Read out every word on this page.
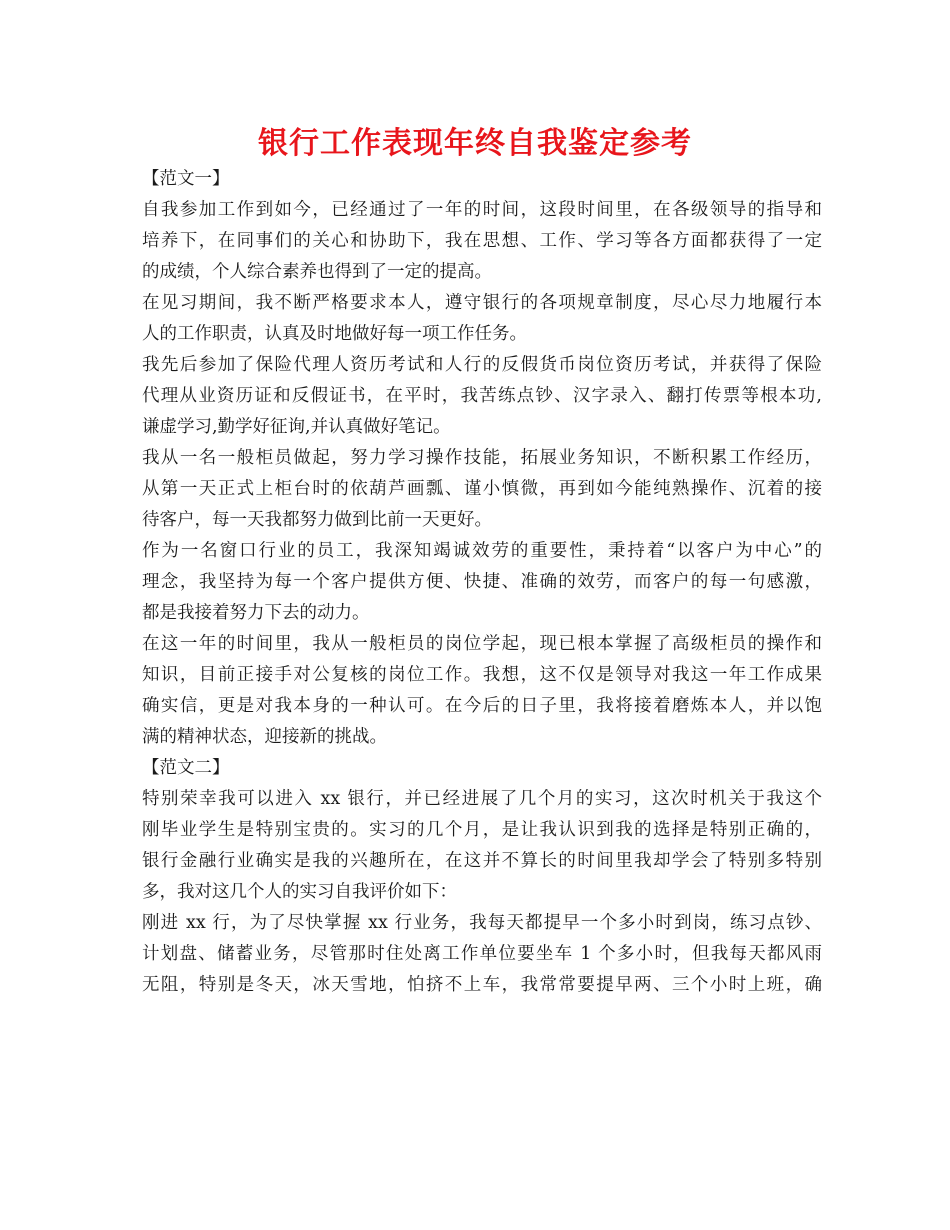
银行工作表现年终自我鉴定参考
【范文一】
自我参加工作到如今，已经通过了一年的时间，这段时间里，在各级领导的指导和
培养下，在同事们的关心和协助下，我在思想、工作、学习等各方面都获得了一定
的成绩，个人综合素养也得到了一定的提高。
在见习期间，我不断严格要求本人，遵守银行的各项规章制度，尽心尽力地履行本
人的工作职责，认真及时地做好每一项工作任务。
我先后参加了保险代理人资历考试和人行的反假货币岗位资历考试，并获得了保险
代理从业资历证和反假证书，在平时，我苦练点钞、汉字录入、翻打传票等根本功,
谦虚学习,勤学好征询,并认真做好笔记。
我从一名一般柜员做起，努力学习操作技能，拓展业务知识，不断积累工作经历，
从第一天正式上柜台时的依葫芦画瓢、谨小慎微，再到如今能纯熟操作、沉着的接
待客户，每一天我都努力做到比前一天更好。
作为一名窗口行业的员工，我深知竭诚效劳的重要性，秉持着“以客户为中心”的
理念，我坚持为每一个客户提供方便、快捷、准确的效劳，而客户的每一句感激，
都是我接着努力下去的动力。
在这一年的时间里，我从一般柜员的岗位学起，现已根本掌握了高级柜员的操作和
知识，目前正接手对公复核的岗位工作。我想，这不仅是领导对我这一年工作成果
确实信，更是对我本身的一种认可。在今后的日子里，我将接着磨炼本人，并以饱
满的精神状态，迎接新的挑战。
【范文二】
特别荣幸我可以进入 xx 银行，并已经进展了几个月的实习，这次时机关于我这个
刚毕业学生是特别宝贵的。实习的几个月，是让我认识到我的选择是特别正确的，
银行金融行业确实是我的兴趣所在，在这并不算长的时间里我却学会了特别多特别
多，我对这几个人的实习自我评价如下：
刚进 xx 行，为了尽快掌握 xx 行业务，我每天都提早一个多小时到岗，练习点钞、
计划盘、储蓄业务，尽管那时住处离工作单位要坐车 1 个多小时，但我每天都风雨
无阻，特别是冬天，冰天雪地，怕挤不上车，我常常要提早两、三个小时上班，确
